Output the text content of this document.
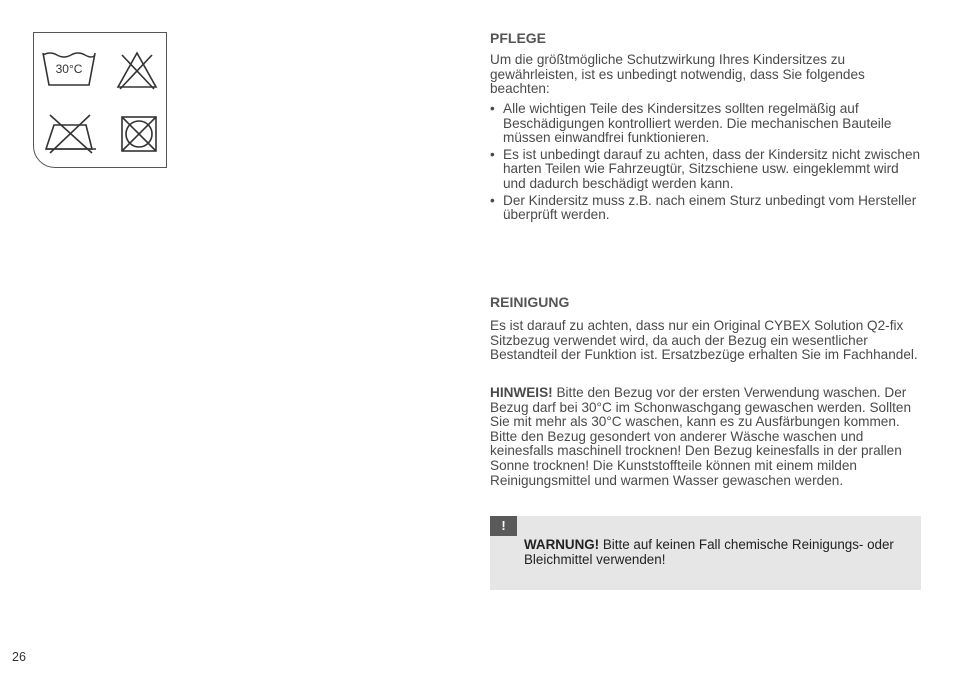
30°C
PFLEGE

Um die größtmögliche Schutzwirkung Ihres Kindersitzes zu gewährleisten, ist es unbedingt notwendig, dass Sie folgendes beachten:

• Alle wichtigen Teile des Kindersitzes sollten regelmäßig auf Beschädigungen kontrolliert werden. Die mechanischen Bauteile müssen einwandfrei funktionieren.
• Es ist unbedingt darauf zu achten, dass der Kindersitz nicht zwischen harten Teilen wie Fahrzeugtür, Sitzschiene usw. eingeklemmt wird und dadurch beschädigt werden kann.
• Der Kindersitz muss z.B. nach einem Sturz unbedingt vom Hersteller überprüft werden.
REINIGUNG

Es ist darauf zu achten, dass nur ein Original CYBEX Solution Q2-fix Sitzbezug verwendet wird, da auch der Bezug ein wesentlicher Bestandteil der Funktion ist. Ersatzbezüge erhalten Sie im Fachhandel.

HINWEIS! Bitte den Bezug vor der ersten Verwendung waschen. Der Bezug darf bei 30°C im Schonwaschgang gewaschen werden. Sollten Sie mit mehr als 30°C waschen, kann es zu Ausfärbungen kommen. Bitte den Bezug gesondert von anderer Wäsche waschen und keinesfalls maschinell trocknen! Den Bezug keinesfalls in der prallen Sonne trocknen! Die Kunststoffteile können mit einem milden Reinigungsmittel und warmen Wasser gewaschen werden.

!
WARNUNG! Bitte auf keinen Fall chemische Reinigungs- oder Bleichmittel verwenden!
26
